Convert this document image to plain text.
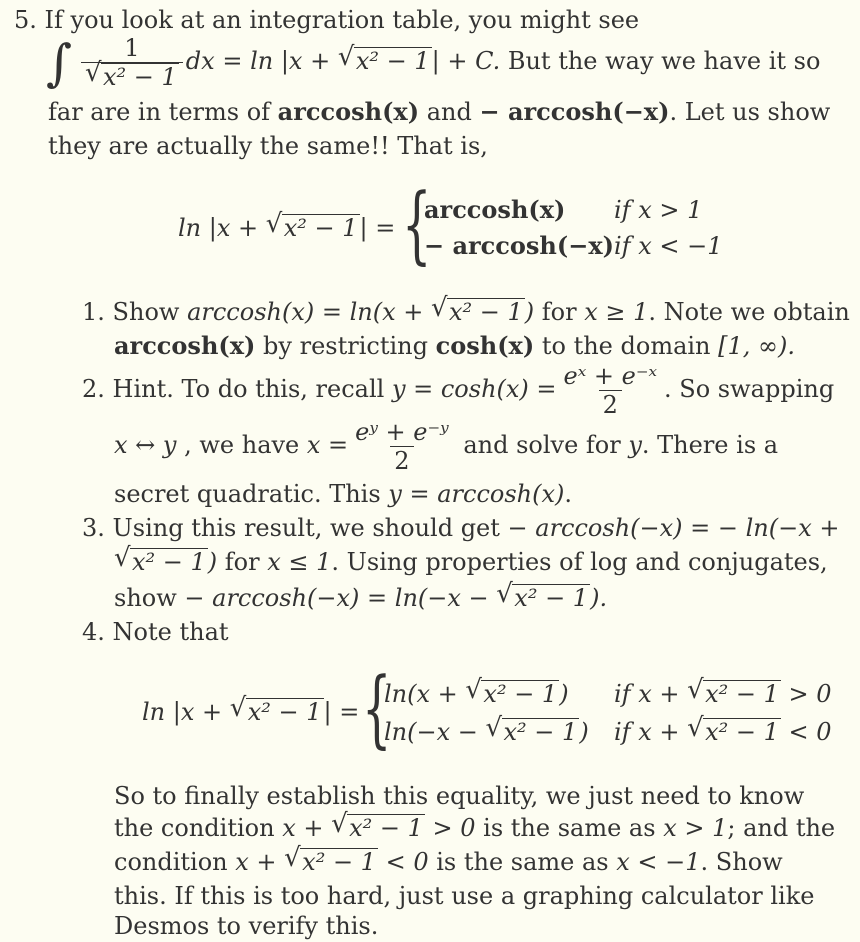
5. If you look at an integration table, you might see
∫ $\frac{1}{\text{√ x² − 1}}$ dx = ln |x + √ x² − 1| + C. But the way we have it so
far are in terms of arccosh(x) and − arccosh(−x). Let us show
they are actually the same!! That is,
ln |x + √ x² − 1| = {
arccosh(x) if x > 1
− arccosh(−x) if x < −1
1. Show arccosh(x) = ln(x + √ x² − 1) for x ≥ 1. Note we obtain
arccosh(x) by restricting cosh(x) to the domain [1, ∞).
2. Hint. To do this, recall $y = \cosh(x) = \frac{\text{eˣ + e⁻ˣ}}{2}$ . So swapping
x ↔ y , we have $x = \frac{\text{eʸ + e⁻ʸ}}{2}$ and solve for y. There is a
secret quadratic. This y = arccosh(x).
3. Using this result, we should get − arccosh(−x) = − ln(−x +
√ x² − 1) for x ≤ 1. Using properties of log and conjugates,
show − arccosh(−x) = ln(−x − √ x² − 1).
4. Note that
ln |x + √ x² − 1| = {
ln(x + √ x² − 1) if x + √ x² − 1 > 0
ln(−x − √ x² − 1) if x + √ x² − 1 < 0
So to finally establish this equality, we just need to know
the condition x + √ x² − 1 > 0 is the same as x > 1; and the
condition x + √ x² − 1 < 0 is the same as x < −1. Show
this. If this is too hard, just use a graphing calculator like
Desmos to verify this.
